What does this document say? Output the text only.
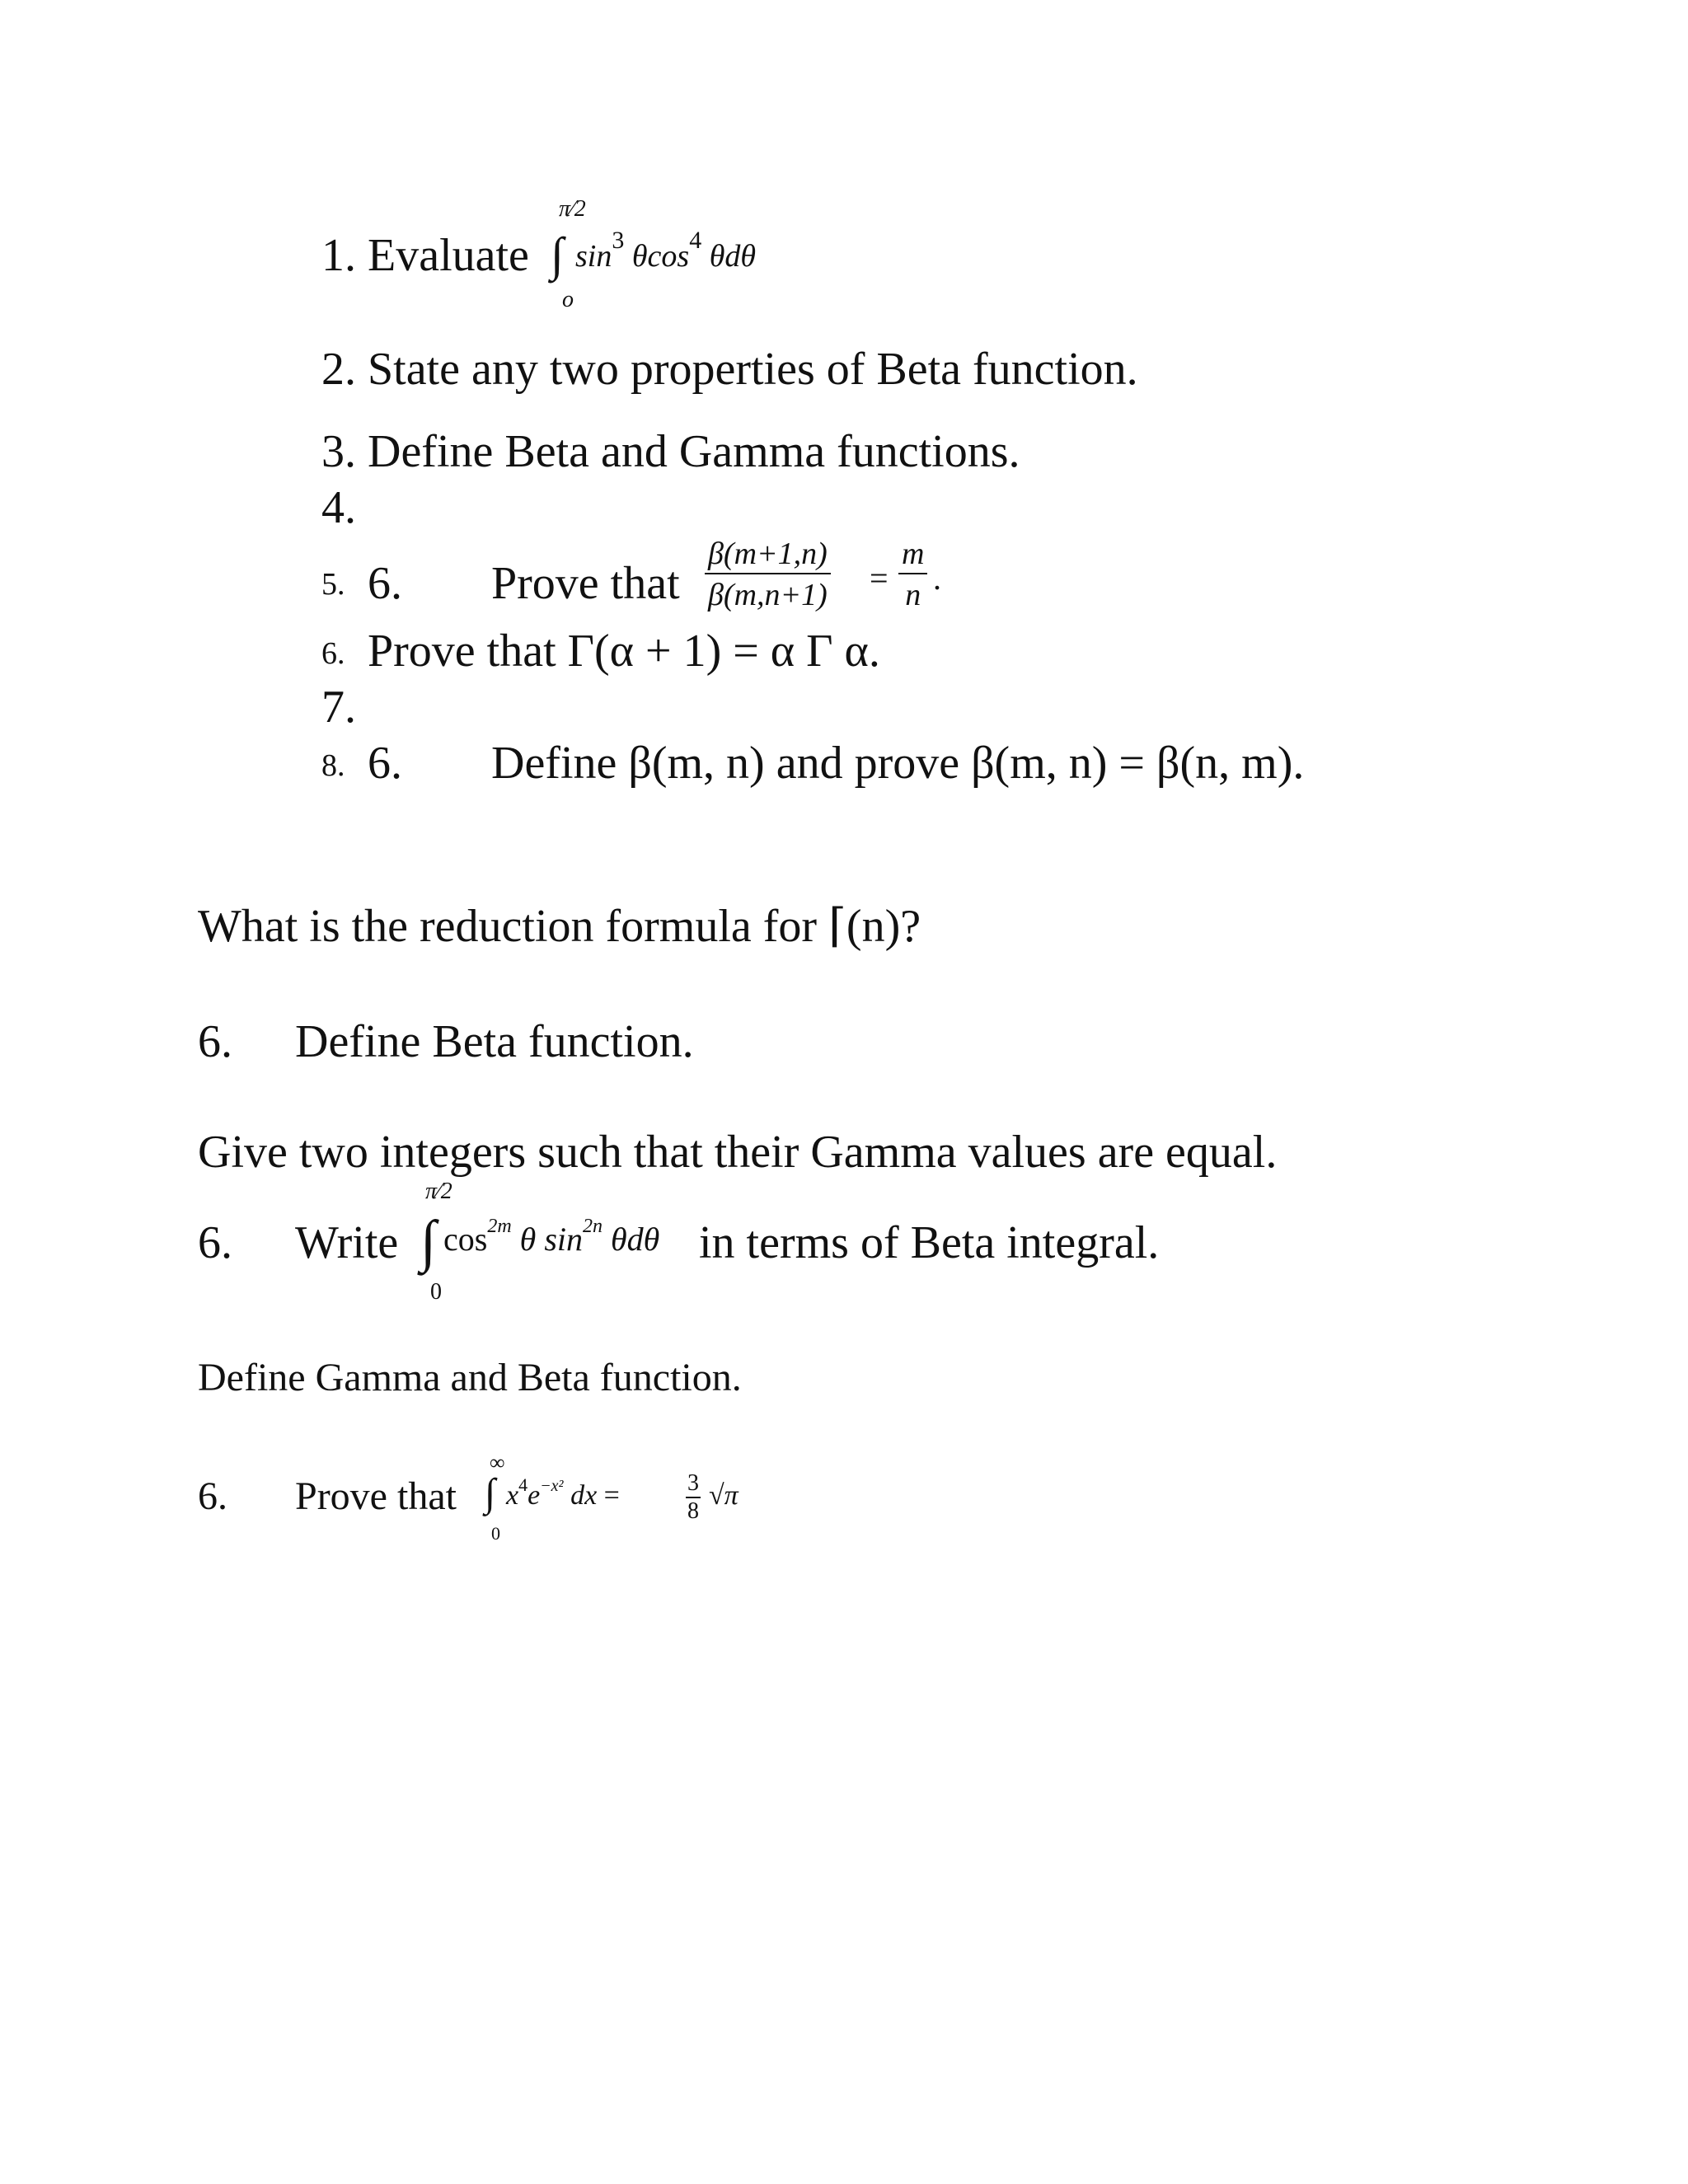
1. Evaluate
π⁄2
∫
o
$\sin^3 \theta\cos^4$ θdθ
2. State any two properties of Beta function.
3. Define Beta and Gamma functions.
4.
5. 6. Prove that $\frac{\beta(m+1,n)}{\beta(m,n+1)} = \frac{m}{n}$ .
6. Prove that Γ(α + 1) = α Γ α.
7.
8. 6. Define β(m, n) and prove β(m, n) = β(n, m).
What is the reduction formula for ⌈(n)?
6. Define Beta function.
Give two integers such that their Gamma values are equal.
6. Write
π⁄2
∫
0
$\cos^{2m} \theta$ $\sin^{2n} \theta d\theta$ in terms of Beta integral.
Define Gamma and Beta function.
6. Prove that
∞
∫
0
$x^4e^{-x^2}$ dx =	$\frac{3}{8} √\pi$
